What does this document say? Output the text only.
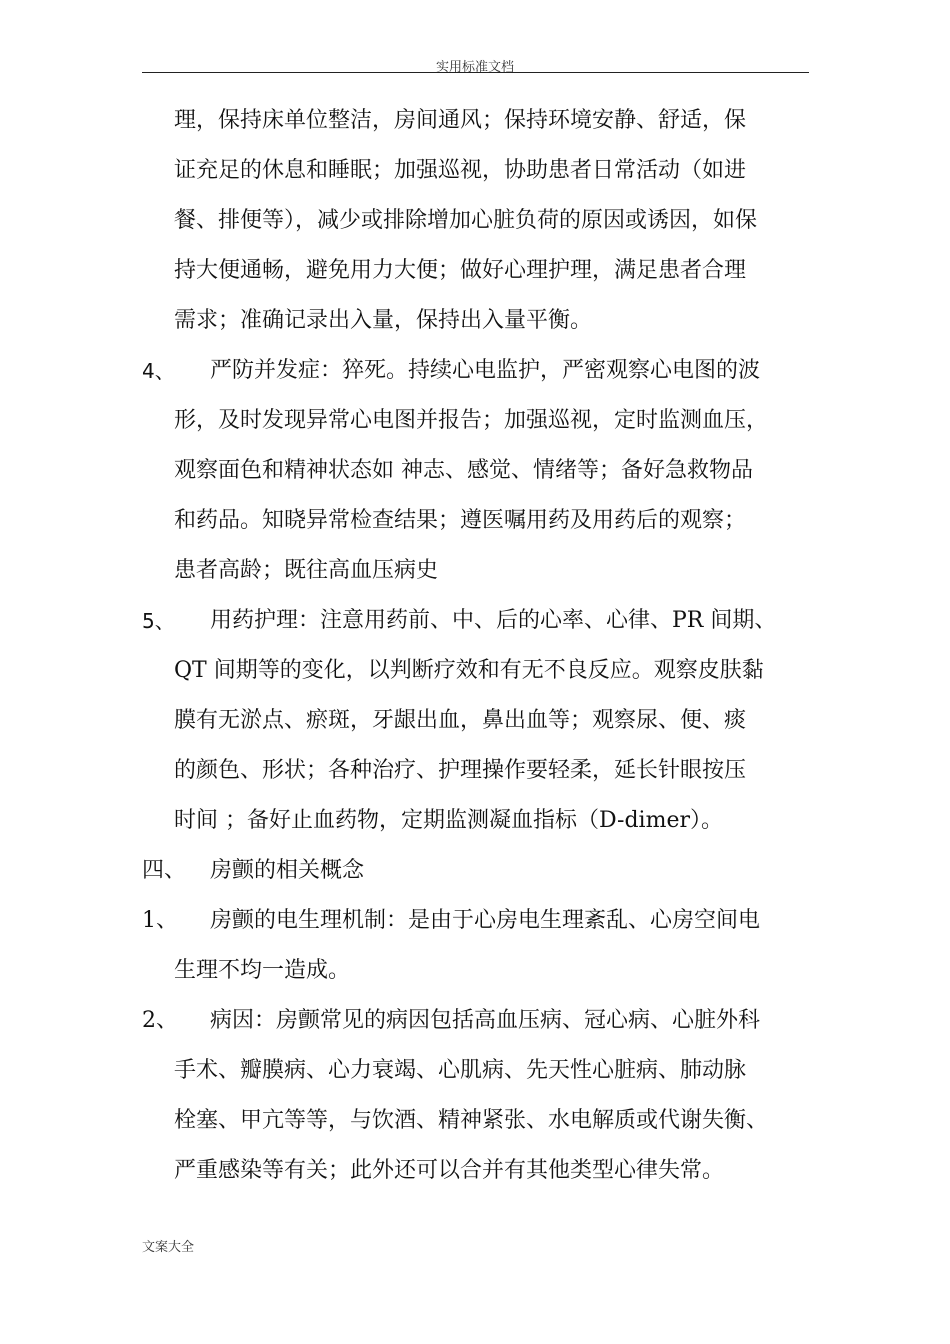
实用标准文档
理，保持床单位整洁，房间通风；保持环境安静、舒适，保
证充足的休息和睡眠；加强巡视，协助患者日常活动（如进
餐、排便等），减少或排除增加心脏负荷的原因或诱因，如保
持大便通畅，避免用力大便；做好心理护理，满足患者合理
需求；准确记录出入量，保持出入量平衡。
4、 严防并发症：猝死。持续心电监护，严密观察心电图的波
形，及时发现异常心电图并报告；加强巡视，定时监测血压，
观察面色和精神状态如 神志、感觉、情绪等；备好急救物品
和药品。知晓异常检查结果；遵医嘱用药及用药后的观察；
患者高龄；既往高血压病史
5、 用药护理：注意用药前、中、后的心率、心律、PR 间期、
QT 间期等的变化，以判断疗效和有无不良反应。观察皮肤黏
膜有无淤点、瘀斑，牙龈出血，鼻出血等；观察尿、便、痰
的颜色、形状；各种治疗、护理操作要轻柔，延长针眼按压
时间 ；备好止血药物，定期监测凝血指标（D-dimer）。
四、 房颤的相关概念
1、 房颤的电生理机制：是由于心房电生理紊乱、心房空间电
生理不均一造成。
2、 病因：房颤常见的病因包括高血压病、冠心病、心脏外科
手术、瓣膜病、心力衰竭、心肌病、先天性心脏病、肺动脉
栓塞、甲亢等等，与饮酒、精神紧张、水电解质或代谢失衡、
严重感染等有关；此外还可以合并有其他类型心律失常。
文案大全
